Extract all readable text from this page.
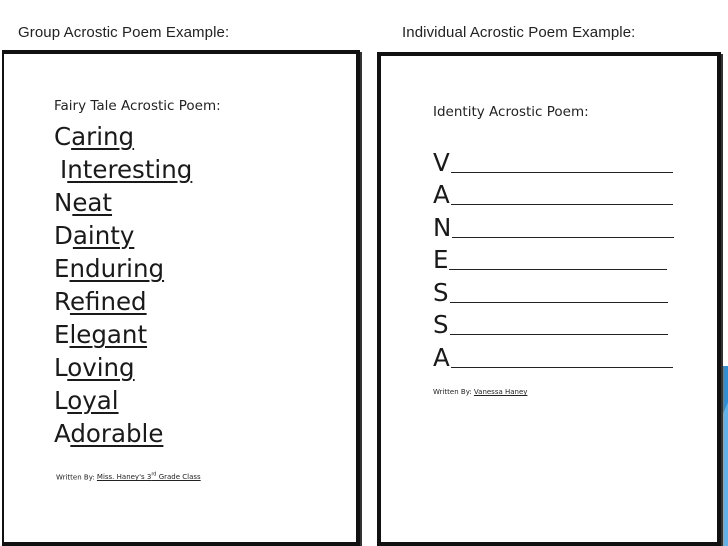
Group Acrostic Poem Example:	Individual Acrostic Poem Example:
Fairy Tale Acrostic Poem:
Caring
Interesting
Neat
Dainty
Enduring
Refined
Elegant
Loving
Loyal
Adorable
Written By: Miss. Haney's 3rd Grade Class
Identity Acrostic Poem:
V
A
N
E
S
S
A
Written By: Vanessa Haney
